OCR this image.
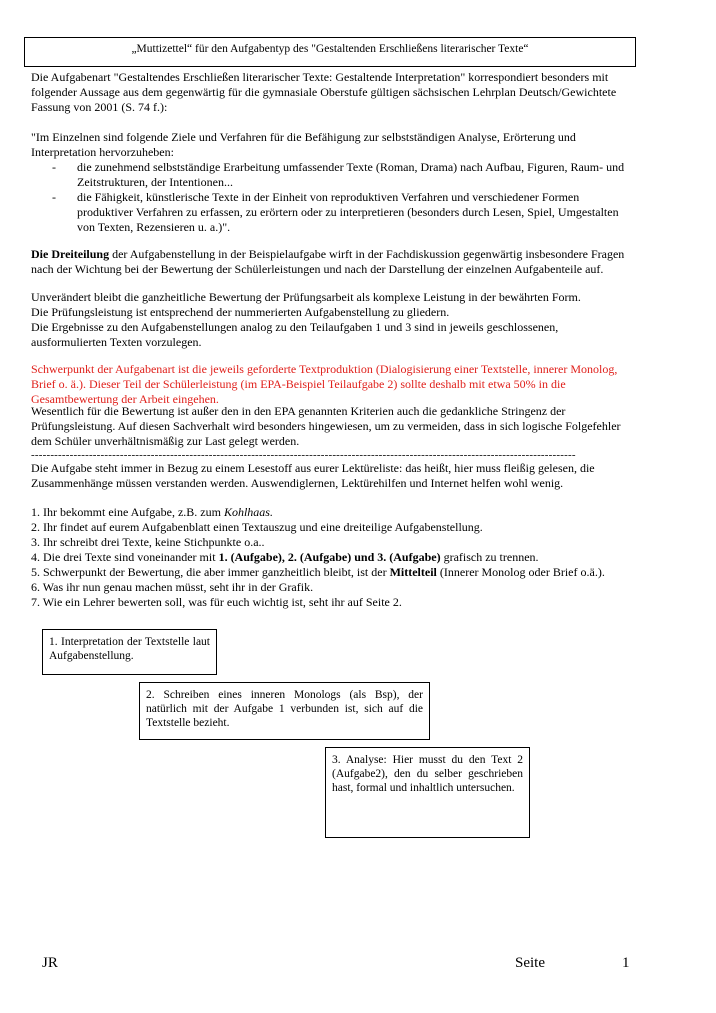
„Muttizettel“ für den Aufgabentyp des "Gestaltenden Erschließens literarischer Texte“
Die Aufgabenart "Gestaltendes Erschließen literarischer Texte: Gestaltende Interpretation" korrespondiert besonders mit folgender Aussage aus dem gegenwärtig für die gymnasiale Oberstufe gültigen sächsischen Lehrplan Deutsch/Gewichtete Fassung von 2001 (S. 74 f.):

"Im Einzelnen sind folgende Ziele und Verfahren für die Befähigung zur selbstständigen Analyse, Erörterung und Interpretation hervorzuheben:

- die zunehmend selbstständige Erarbeitung umfassender Texte (Roman, Drama) nach Aufbau, Figuren, Raum- und Zeitstrukturen, der Intentionen...
- die Fähigkeit, künstlerische Texte in der Einheit von reproduktiven Verfahren und verschiedener Formen produktiver Verfahren zu erfassen, zu erörtern oder zu interpretieren (besonders durch Lesen, Spiel, Umgestalten von Texten, Rezensieren u. a.)".
Die Dreiteilung der Aufgabenstellung in der Beispielaufgabe wirft in der Fachdiskussion gegenwärtig insbesondere Fragen nach der Wichtung bei der Bewertung der Schülerleistungen und nach der Darstellung der einzelnen Aufgabenteile auf.

Unverändert bleibt die ganzheitliche Bewertung der Prüfungsarbeit als komplexe Leistung in der bewährten Form.

Die Prüfungsleistung ist entsprechend der nummerierten Aufgabenstellung zu gliedern.

Die Ergebnisse zu den Aufgabenstellungen analog zu den Teilaufgaben 1 und 3 sind in jeweils geschlossenen, ausformulierten Texten vorzulegen.

Schwerpunkt der Aufgabenart ist die jeweils geforderte Textproduktion (Dialogisierung einer Textstelle, innerer Monolog, Brief o. ä.). Dieser Teil der Schülerleistung (im EPA-Beispiel Teilaufgabe 2) sollte deshalb mit etwa 50% in die Gesamtbewertung der Arbeit eingehen.
Wesentlich für die Bewertung ist außer den in den EPA genannten Kriterien auch die gedankliche Stringenz der Prüfungsleistung. Auf diesen Sachverhalt wird besonders hingewiesen, um zu vermeiden, dass in sich logische Folgefehler dem Schüler unverhältnismäßig zur Last gelegt werden.
---------------------------------------------------------------------------------------------------------------------------------------------
Die Aufgabe steht immer in Bezug zu einem Lesestoff aus eurer Lektüreliste: das heißt, hier muss fleißig gelesen, die Zusammenhänge müssen verstanden werden. Auswendiglernen, Lektürehilfen und Internet helfen wohl wenig.

1. Ihr bekommt eine Aufgabe, z.B. zum Kohlhaas.

2. Ihr findet auf eurem Aufgabenblatt einen Textauszug und eine dreiteilige Aufgabenstellung.

3. Ihr schreibt drei Texte, keine Stichpunkte o.a..

4. Die drei Texte sind voneinander mit 1. (Aufgabe), 2. (Aufgabe) und 3. (Aufgabe) grafisch zu trennen.

5. Schwerpunkt der Bewertung, die aber immer ganzheitlich bleibt, ist der Mittelteil (Innerer Monolog oder Brief o.ä.).

6. Was ihr nun genau machen müsst, seht ihr in der Grafik.

7. Wie ein Lehrer bewerten soll, was für euch wichtig ist, seht ihr auf Seite 2.

1. Interpretation der Textstelle laut Aufgabenstellung.
2. Schreiben eines inneren Monologs (als Bsp), der natürlich mit der Aufgabe 1 verbunden ist, sich auf die Textstelle bezieht.
3. Analyse: Hier musst du den Text 2 (Aufgabe2), den du selber geschrieben hast, formal und inhaltlich untersuchen.
JR	Seite	1
